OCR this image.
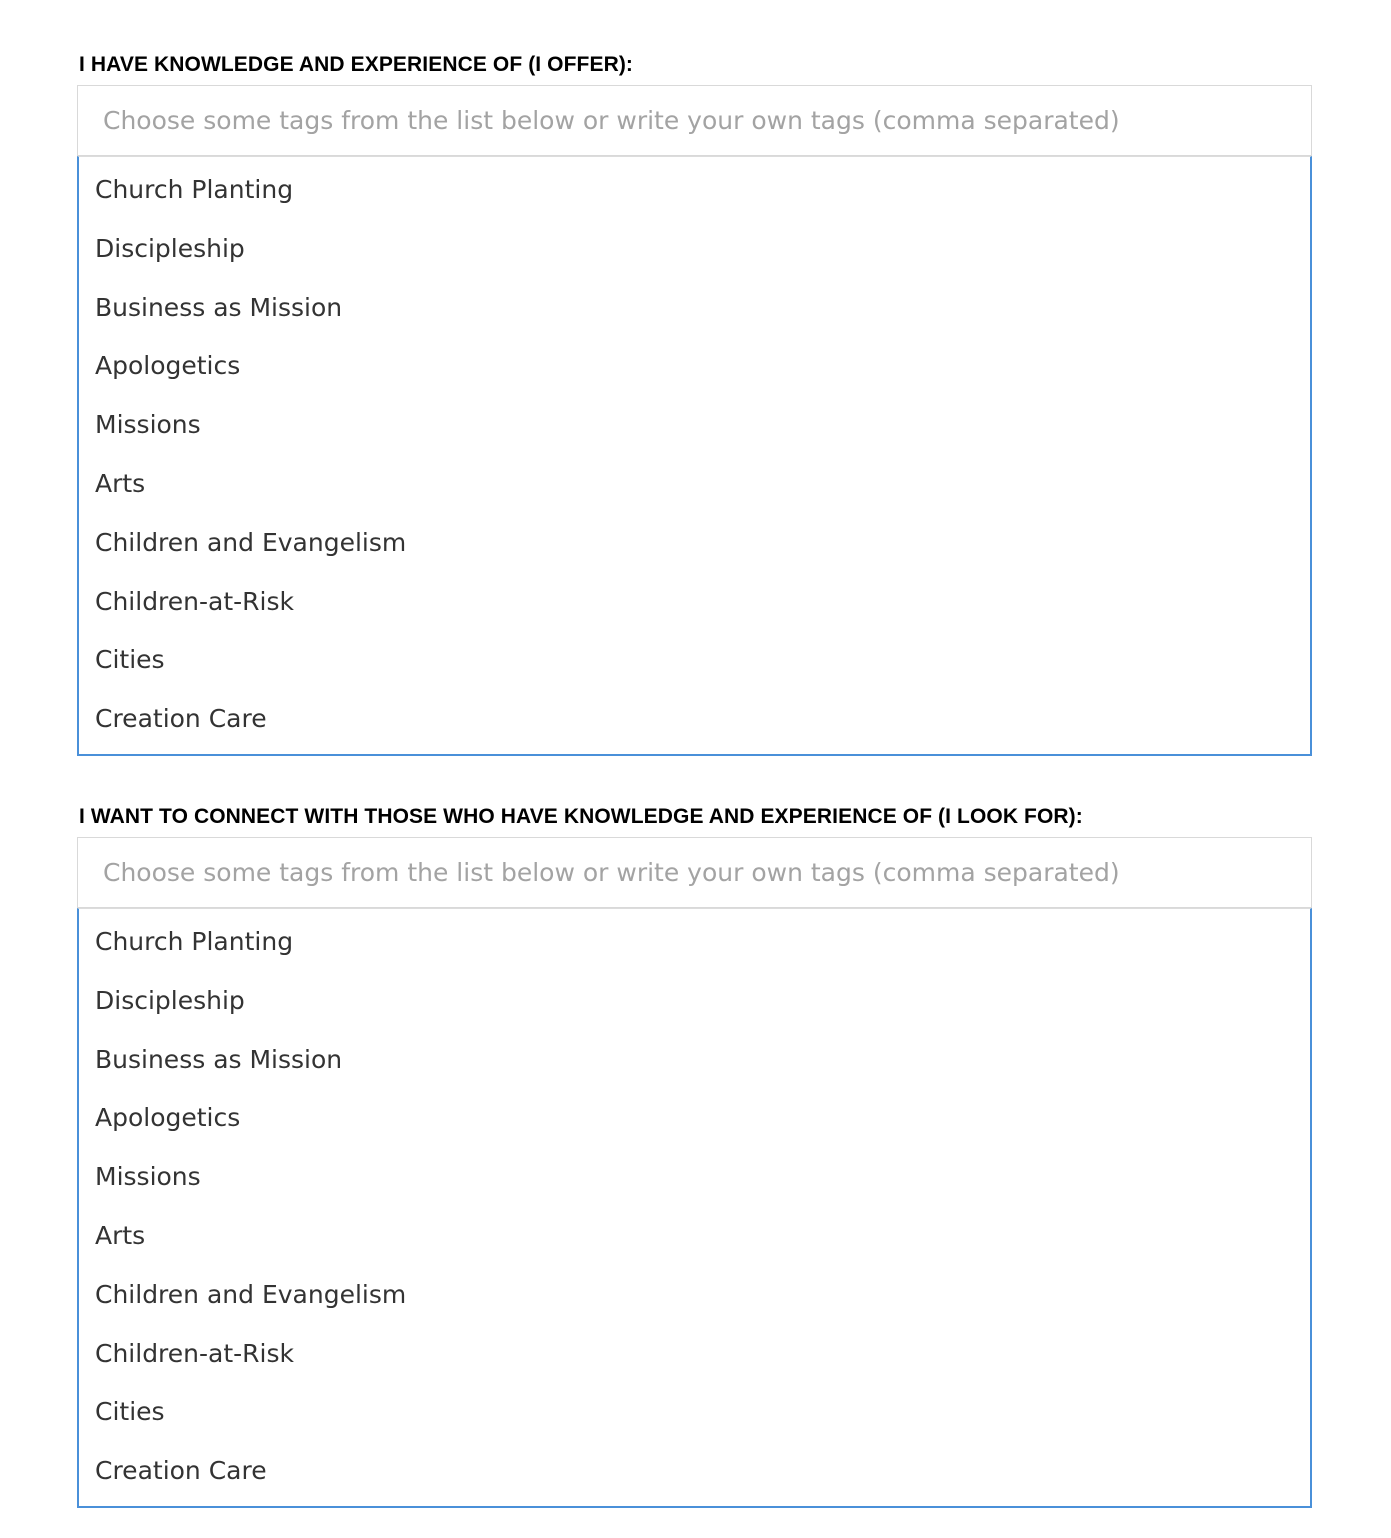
I HAVE KNOWLEDGE AND EXPERIENCE OF (I OFFER):
Choose some tags from the list below or write your own tags (comma separated)
Church Planting
Discipleship
Business as Mission
Apologetics
Missions
Arts
Children and Evangelism
Children-at-Risk
Cities
Creation Care
I WANT TO CONNECT WITH THOSE WHO HAVE KNOWLEDGE AND EXPERIENCE OF (I LOOK FOR):
Choose some tags from the list below or write your own tags (comma separated)
Church Planting
Discipleship
Business as Mission
Apologetics
Missions
Arts
Children and Evangelism
Children-at-Risk
Cities
Creation Care
